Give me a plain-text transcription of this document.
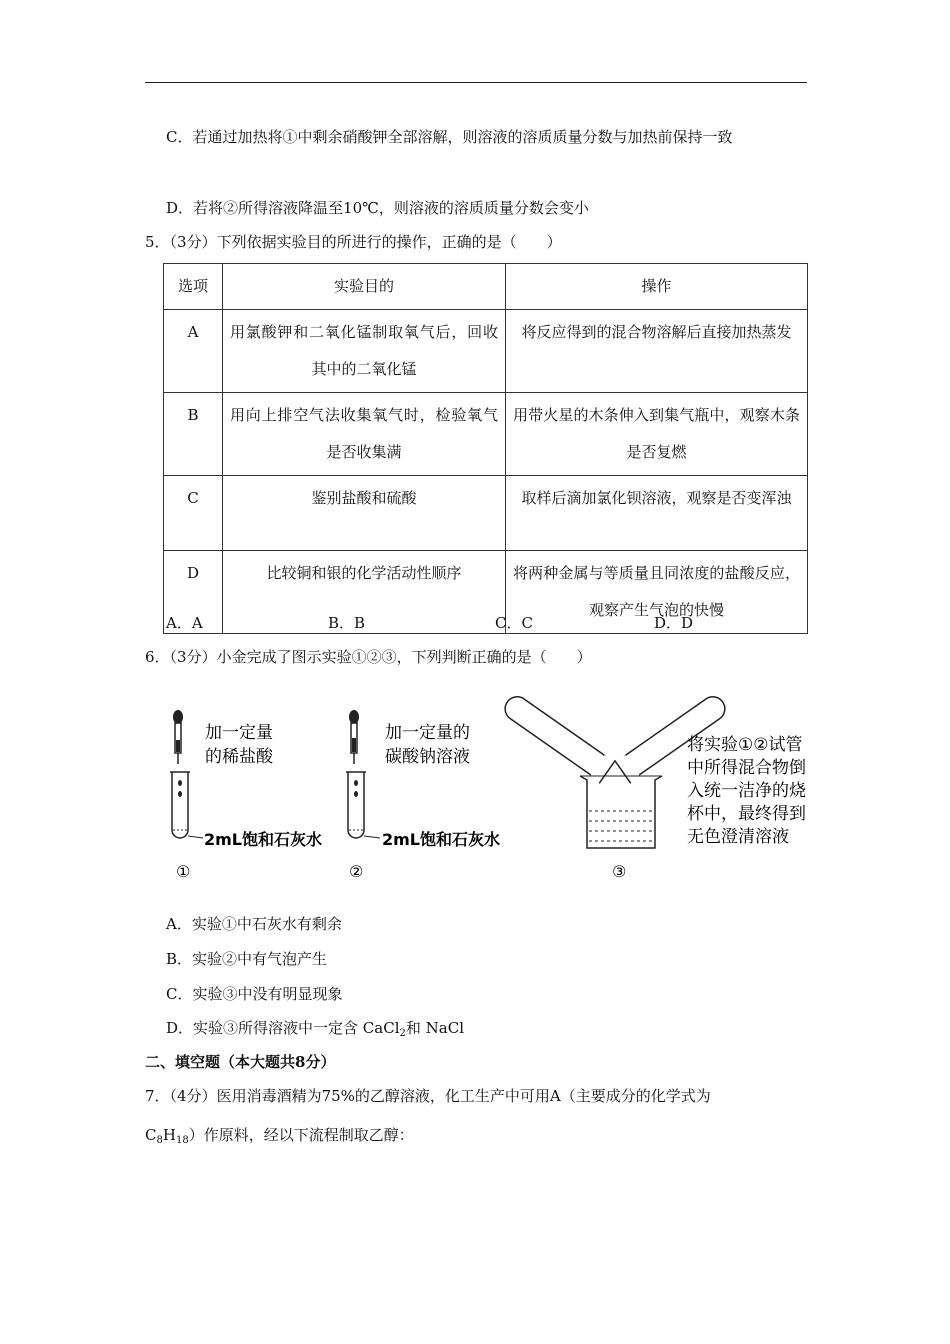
C．若通过加热将①中剩余硝酸钾全部溶解，则溶液的溶质质量分数与加热前保持一致
D．若将②所得溶液降温至10℃，则溶液的溶质质量分数会变小
5．（3分）下列依据实验目的所进行的操作，正确的是（　　）
选项	实验目的	操作
A	用氯酸钾和二氧化锰制取氧气后，回收其中的二氧化锰	将反应得到的混合物溶解后直接加热蒸发
B	用向上排空气法收集氧气时，检验氧气是否收集满	用带火星的木条伸入到集气瓶中，观察木条是否复燃
C	鉴别盐酸和硫酸	取样后滴加氯化钡溶液，观察是否变浑浊
D	比较铜和银的化学活动性顺序	将两种金属与等质量且同浓度的盐酸反应，观察产生气泡的快慢
A．A	B．B	C．C	D．D
6．（3分）小金完成了图示实验①②③，下列判断正确的是（　　）
加一定量
的稀盐酸
2mL饱和石灰水
①
加一定量的
碳酸钠溶液
2mL饱和石灰水
②
将实验①②试管
中所得混合物倒
入统一洁净的烧
杯中，最终得到
无色澄清溶液
③
A．实验①中石灰水有剩余
B．实验②中有气泡产生
C．实验③中没有明显现象
D．实验③所得溶液中一定含 CaCl$_2$和 NaCl
二、填空题（本大题共8分）
7．（4分）医用消毒酒精为75%的乙醇溶液，化工生产中可用A（主要成分的化学式为
$C_8H_{18}$）作原料，经以下流程制取乙醇：
